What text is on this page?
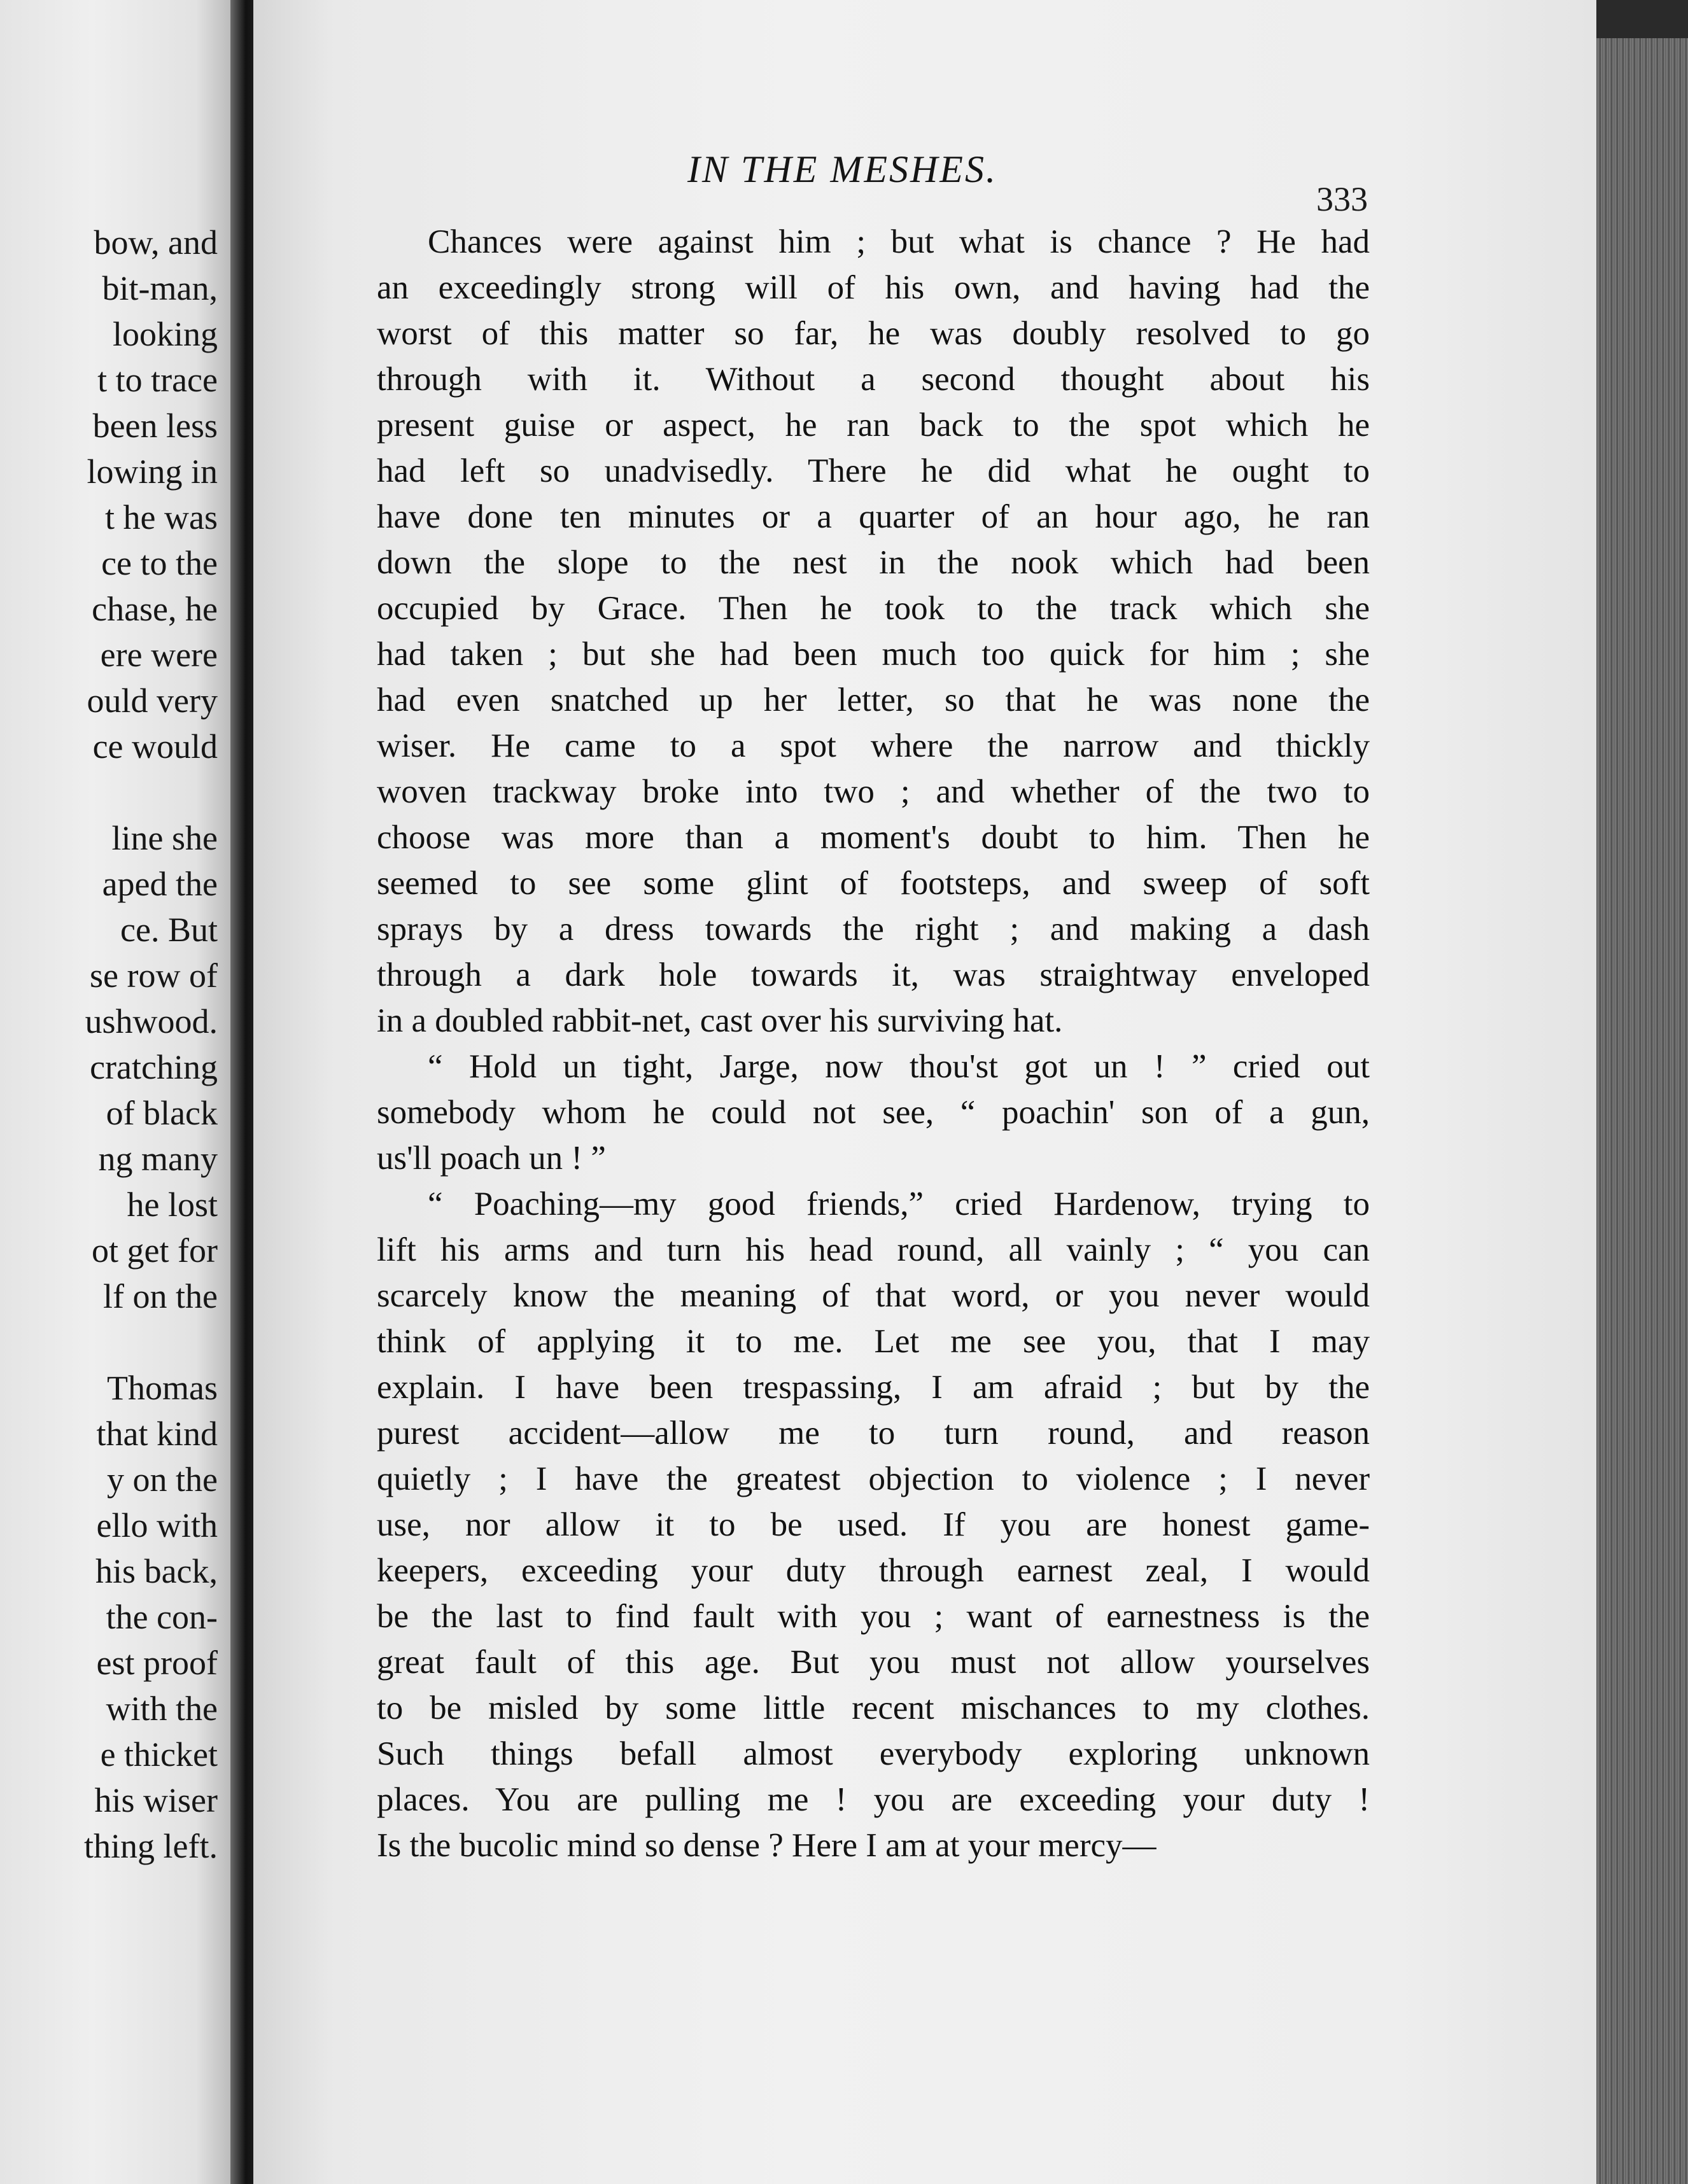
bow, and
bit-man,
looking
t to trace
been less
lowing in
t he was
ce to the
chase, he
ere were
ould very
ce would
line she
aped the
ce. But
se row of
ushwood.
cratching
of black
ng many
he lost
ot get for
lf on the
Thomas
that kind
y on the
ello with
his back,
the con-
est proof
with the
e thicket
his wiser
thing left.
IN THE MESHES.
333
Chances were against him ; but what is chance ? He had
an exceedingly strong will of his own, and having had the
worst of this matter so far, he was doubly resolved to go
through with it. Without a second thought about his
present guise or aspect, he ran back to the spot which he
had left so unadvisedly. There he did what he ought to
have done ten minutes or a quarter of an hour ago, he ran
down the slope to the nest in the nook which had been
occupied by Grace. Then he took to the track which she
had taken ; but she had been much too quick for him ; she
had even snatched up her letter, so that he was none the
wiser. He came to a spot where the narrow and thickly
woven trackway broke into two ; and whether of the two to
choose was more than a moment's doubt to him. Then he
seemed to see some glint of footsteps, and sweep of soft
sprays by a dress towards the right ; and making a dash
through a dark hole towards it, was straightway enveloped
in a doubled rabbit-net, cast over his surviving hat.
“ Hold un tight, Jarge, now thou'st got un ! ” cried out
somebody whom he could not see, “ poachin' son of a gun,
us'll poach un ! ”
“ Poaching—my good friends,” cried Hardenow, trying to
lift his arms and turn his head round, all vainly ; “ you can
scarcely know the meaning of that word, or you never would
think of applying it to me. Let me see you, that I may
explain. I have been trespassing, I am afraid ; but by the
purest accident—allow me to turn round, and reason
quietly ; I have the greatest objection to violence ; I never
use, nor allow it to be used. If you are honest game-
keepers, exceeding your duty through earnest zeal, I would
be the last to find fault with you ; want of earnestness is the
great fault of this age. But you must not allow yourselves
to be misled by some little recent mischances to my clothes.
Such things befall almost everybody exploring unknown
places. You are pulling me ! you are exceeding your duty !
Is the bucolic mind so dense ? Here I am at your mercy—
